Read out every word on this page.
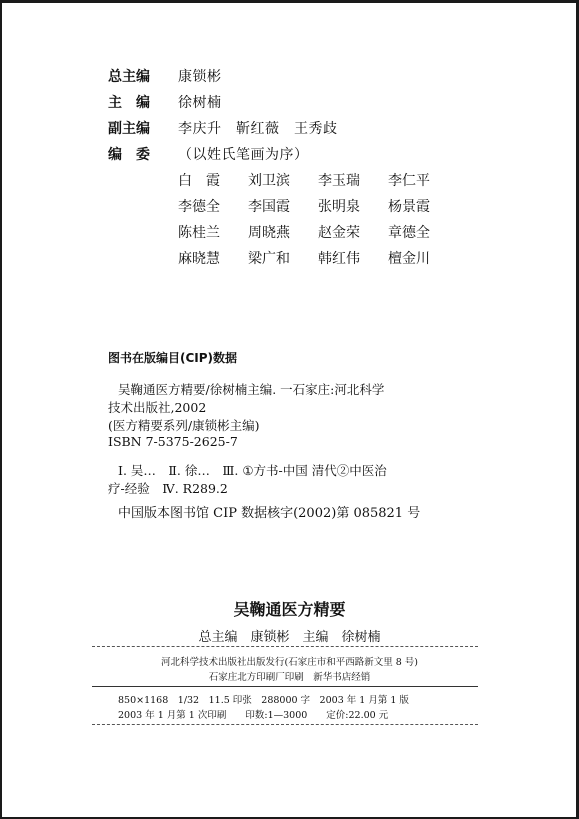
总主编	康锁彬
主　编	徐树楠
副主编	李庆升　靳红薇　王秀歧
编　委	（以姓氏笔画为序）
白　霞	刘卫滨	李玉瑞	李仁平
李德全	李国霞	张明泉	杨景霞
陈桂兰	周晓燕	赵金荣	章德全
麻晓慧	梁广和	韩红伟	檀金川
图书在版编目(CIP)数据
吴鞠通医方精要/徐树楠主编. 一石家庄:河北科学
技术出版社,2002
(医方精要系列/康锁彬主编)
ISBN 7-5375-2625-7
Ⅰ. 吴…　Ⅱ. 徐…　Ⅲ. ①方书-中国 清代②中医治
疗-经验　Ⅳ. R289.2
中国版本图书馆 CIP 数据核字(2002)第 085821 号
吴鞠通医方精要
总主编　康锁彬　主编　徐树楠
河北科学技术出版社出版发行(石家庄市和平西路新文里 8 号)
石家庄北方印刷厂印刷　新华书店经销
850×1168　1/32　11.5 印张　288000 字　2003 年 1 月第 1 版
2003 年 1 月第 1 次印刷　　印数:1—3000　　定价:22.00 元
